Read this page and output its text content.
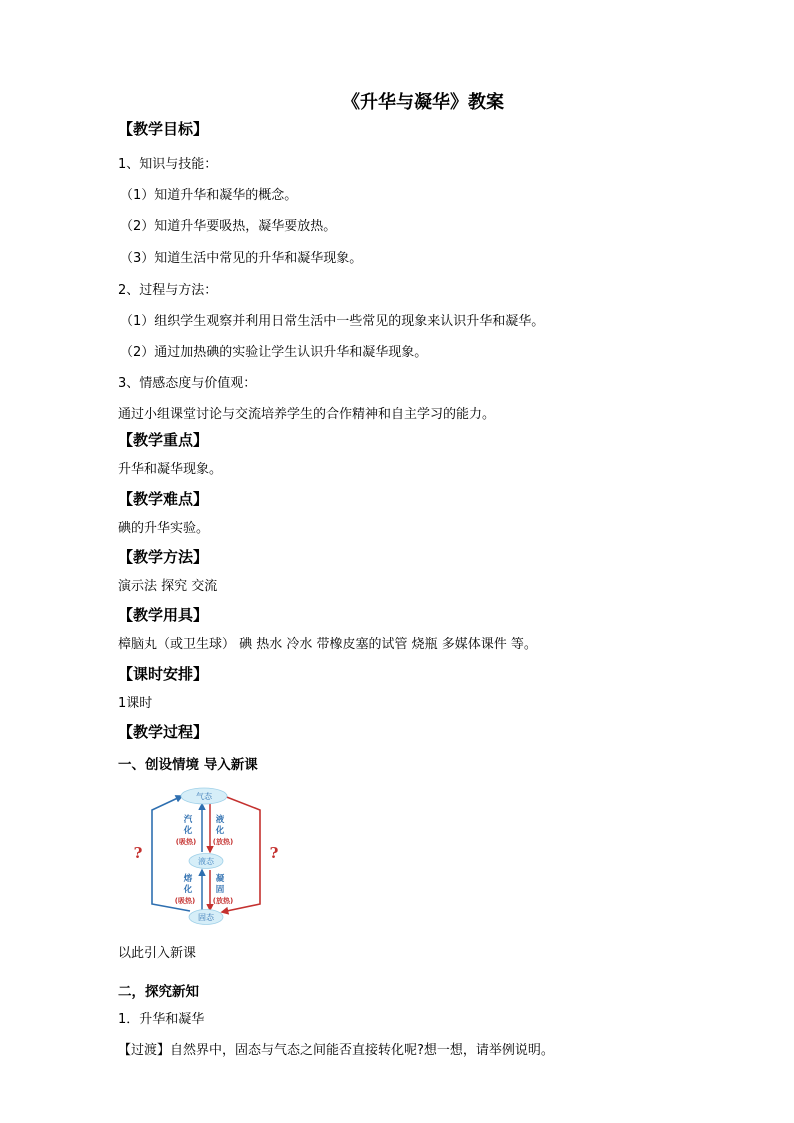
《升华与凝华》教案
【教学目标】
1、知识与技能：
（1）知道升华和凝华的概念。
（2）知道升华要吸热，凝华要放热。
（3）知道生活中常见的升华和凝华现象。
2、过程与方法：
（1）组织学生观察并利用日常生活中一些常见的现象来认识升华和凝华。
（2）通过加热碘的实验让学生认识升华和凝华现象。
3、情感态度与价值观：
通过小组课堂讨论与交流培养学生的合作精神和自主学习的能力。
【教学重点】
升华和凝华现象。
【教学难点】
碘的升华实验。
【教学方法】
演示法 探究 交流
【教学用具】
樟脑丸（或卫生球） 碘 热水 冷水 带橡皮塞的试管 烧瓶 多媒体课件 等。
【课时安排】
1课时
【教学过程】
一、创设情境 导入新课
气态
液态
固态
汽
化
(吸热)
液
化
(放热)
熔
化
(吸热)
凝
固
(放热)
?	?
以此引入新课
二，探究新知
1．升华和凝华
【过渡】自然界中，固态与气态之间能否直接转化呢?想一想，请举例说明。
